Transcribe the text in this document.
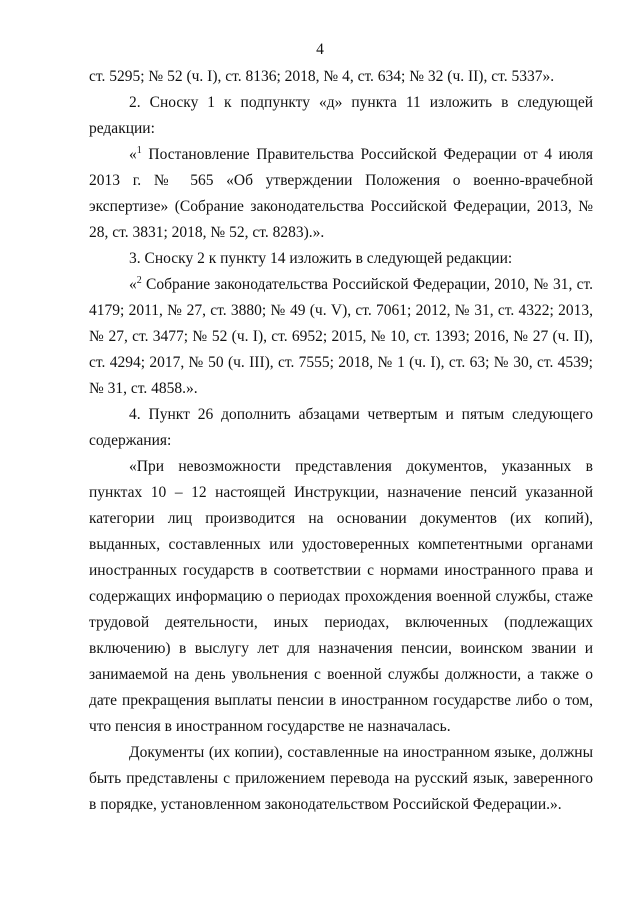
4

ст. 5295; № 52 (ч. I), ст. 8136; 2018, № 4, ст. 634; № 32 (ч. II), ст. 5337».

2. Сноску 1 к подпункту «д» пункта 11 изложить в следующей редакции:

«$^1$ Постановление Правительства Российской Федерации от 4 июля 2013 г. № 565 «Об утверждении Положения о военно-врачебной экспертизе» (Собрание законодательства Российской Федерации, 2013, № 28, ст. 3831; 2018, № 52, ст. 8283).».

3. Сноску 2 к пункту 14 изложить в следующей редакции:

«$^2$ Собрание законодательства Российской Федерации, 2010, № 31, ст. 4179; 2011, № 27, ст. 3880; № 49 (ч. V), ст. 7061; 2012, № 31, ст. 4322; 2013, № 27, ст. 3477; № 52 (ч. I), ст. 6952; 2015, № 10, ст. 1393; 2016, № 27 (ч. II), ст. 4294; 2017, № 50 (ч. III), ст. 7555; 2018, № 1 (ч. I), ст. 63; № 30, ст. 4539; № 31, ст. 4858.».

4. Пункт 26 дополнить абзацами четвертым и пятым следующего содержания:

«При невозможности представления документов, указанных в пунктах 10 – 12 настоящей Инструкции, назначение пенсий указанной категории лиц производится на основании документов (их копий), выданных, составленных или удостоверенных компетентными органами иностранных государств в соответствии с нормами иностранного права и содержащих информацию о периодах прохождения военной службы, стаже трудовой деятельности, иных периодах, включенных (подлежащих включению) в выслугу лет для назначения пенсии, воинском звании и занимаемой на день увольнения с военной службы должности, а также о дате прекращения выплаты пенсии в иностранном государстве либо о том, что пенсия в иностранном государстве не назначалась.

Документы (их копии), составленные на иностранном языке, должны быть представлены с приложением перевода на русский язык, заверенного в порядке, установленном законодательством Российской Федерации.».
